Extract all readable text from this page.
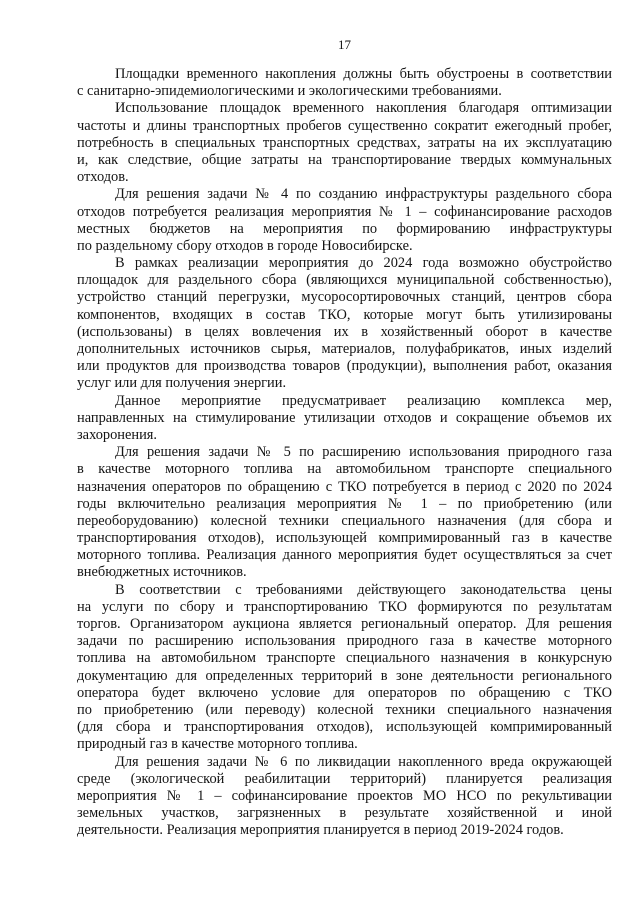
17
Площадки временного накопления должны быть обустроены в соответствии
с санитарно-эпидемиологическими и экологическими требованиями.
Использование площадок временного накопления благодаря оптимизации
частоты и длины транспортных пробегов существенно сократит ежегодный пробег,
потребность в специальных транспортных средствах, затраты на их эксплуатацию
и, как следствие, общие затраты на транспортирование твердых коммунальных
отходов.
Для решения задачи № 4 по созданию инфраструктуры раздельного сбора
отходов потребуется реализация мероприятия № 1 – софинансирование расходов
местных бюджетов на мероприятия по формированию инфраструктуры
по раздельному сбору отходов в городе Новосибирске.
В рамках реализации мероприятия до 2024 года возможно обустройство
площадок для раздельного сбора (являющихся муниципальной собственностью),
устройство станций перегрузки, мусоросортировочных станций, центров сбора
компонентов, входящих в состав ТКО, которые могут быть утилизированы
(использованы) в целях вовлечения их в хозяйственный оборот в качестве
дополнительных источников сырья, материалов, полуфабрикатов, иных изделий
или продуктов для производства товаров (продукции), выполнения работ, оказания
услуг или для получения энергии.
Данное мероприятие предусматривает реализацию комплекса мер,
направленных на стимулирование утилизации отходов и сокращение объемов их
захоронения.
Для решения задачи № 5 по расширению использования природного газа
в качестве моторного топлива на автомобильном транспорте специального
назначения операторов по обращению с ТКО потребуется в период с 2020 по 2024
годы включительно реализация мероприятия № 1 – по приобретению (или
переоборудованию) колесной техники специального назначения (для сбора и
транспортирования отходов), использующей компримированный газ в качестве
моторного топлива. Реализация данного мероприятия будет осуществляться за счет
внебюджетных источников.
В соответствии с требованиями действующего законодательства цены
на услуги по сбору и транспортированию ТКО формируются по результатам
торгов. Организатором аукциона является региональный оператор. Для решения
задачи по расширению использования природного газа в качестве моторного
топлива на автомобильном транспорте специального назначения в конкурсную
документацию для определенных территорий в зоне деятельности регионального
оператора будет включено условие для операторов по обращению с ТКО
по приобретению (или переводу) колесной техники специального назначения
(для сбора и транспортирования отходов), использующей компримированный
природный газ в качестве моторного топлива.
Для решения задачи № 6 по ликвидации накопленного вреда окружающей
среде (экологической реабилитации территорий) планируется реализация
мероприятия № 1 – софинансирование проектов МО НСО по рекультивации
земельных участков, загрязненных в результате хозяйственной и иной
деятельности. Реализация мероприятия планируется в период 2019-2024 годов.
